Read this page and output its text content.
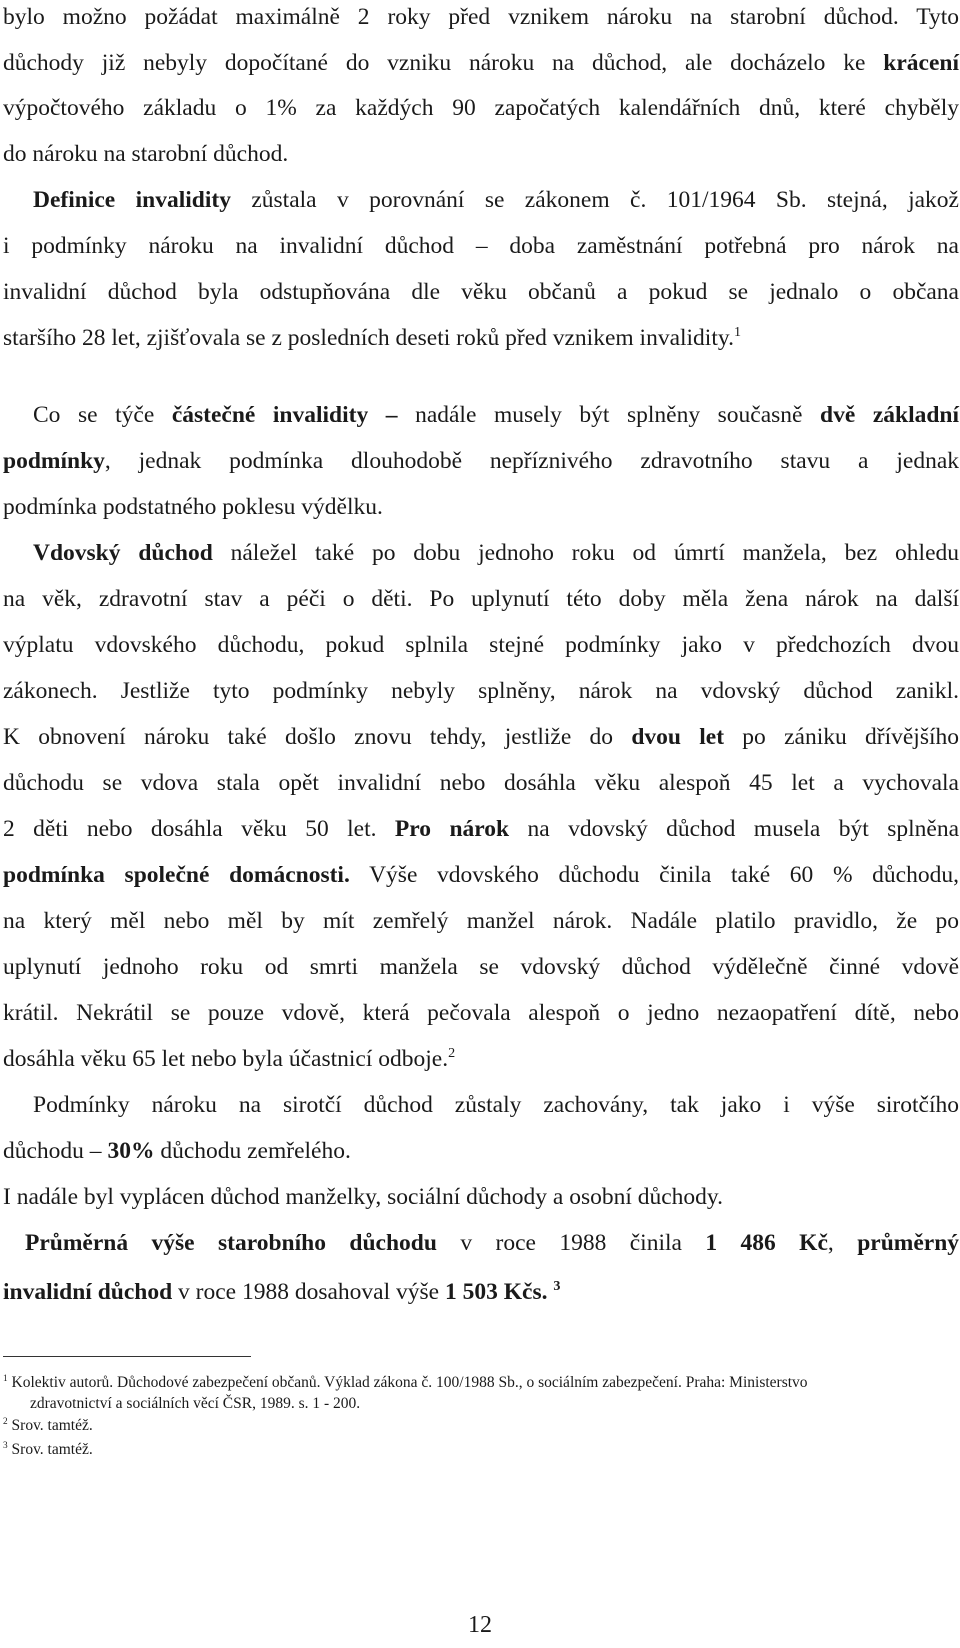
bylo možno požádat maximálně 2 roky před vznikem nároku na starobní důchod. Tyto
důchody již nebyly dopočítané do vzniku nároku na důchod, ale docházelo ke krácení
výpočtového základu o 1% za každých 90 započatých kalendářních dnů, které chyběly
do nároku na starobní důchod.
Definice invalidity zůstala v porovnání se zákonem č. 101/1964 Sb. stejná, jakož
i podmínky nároku na invalidní důchod – doba zaměstnání potřebná pro nárok na
invalidní důchod byla odstupňována dle věku občanů a pokud se jednalo o občana
staršího 28 let, zjišťovala se z posledních deseti roků před vznikem invalidity.$^1$
Co se týče částečné invalidity – nadále musely být splněny současně dvě základní
podmínky, jednak podmínka dlouhodobě nepříznivého zdravotního stavu a jednak
podmínka podstatného poklesu výdělku.
Vdovský důchod náležel také po dobu jednoho roku od úmrtí manžela, bez ohledu
na věk, zdravotní stav a péči o děti. Po uplynutí této doby měla žena nárok na další
výplatu vdovského důchodu, pokud splnila stejné podmínky jako v předchozích dvou
zákonech. Jestliže tyto podmínky nebyly splněny, nárok na vdovský důchod zanikl.
K obnovení nároku také došlo znovu tehdy, jestliže do dvou let po zániku dřívějšího
důchodu se vdova stala opět invalidní nebo dosáhla věku alespoň 45 let a vychovala
2 děti nebo dosáhla věku 50 let. Pro nárok na vdovský důchod musela být splněna
podmínka společné domácnosti. Výše vdovského důchodu činila také 60 % důchodu,
na který měl nebo měl by mít zemřelý manžel nárok. Nadále platilo pravidlo, že po
uplynutí jednoho roku od smrti manžela se vdovský důchod výdělečně činné vdově
krátil. Nekrátil se pouze vdově, která pečovala alespoň o jedno nezaopatření dítě, nebo
dosáhla věku 65 let nebo byla účastnicí odboje.$^2$
Podmínky nároku na sirotčí důchod zůstaly zachovány, tak jako i výše sirotčího
důchodu – 30% důchodu zemřelého.
I nadále byl vyplácen důchod manželky, sociální důchody a osobní důchody.
Průměrná výše starobního důchodu v roce 1988 činila 1 486 Kč, průměrný
invalidní důchod v roce 1988 dosahoval výše 1 503 Kčs. $^3$
$^1$ Kolektiv autorů. Důchodové zabezpečení občanů. Výklad zákona č. 100/1988 Sb., o sociálním zabezpečení. Praha: Ministerstvo
zdravotnictví a sociálních věcí ČSR, 1989. s. 1 - 200.
$^2$ Srov. tamtéž.
$^3$ Srov. tamtéž.
12
